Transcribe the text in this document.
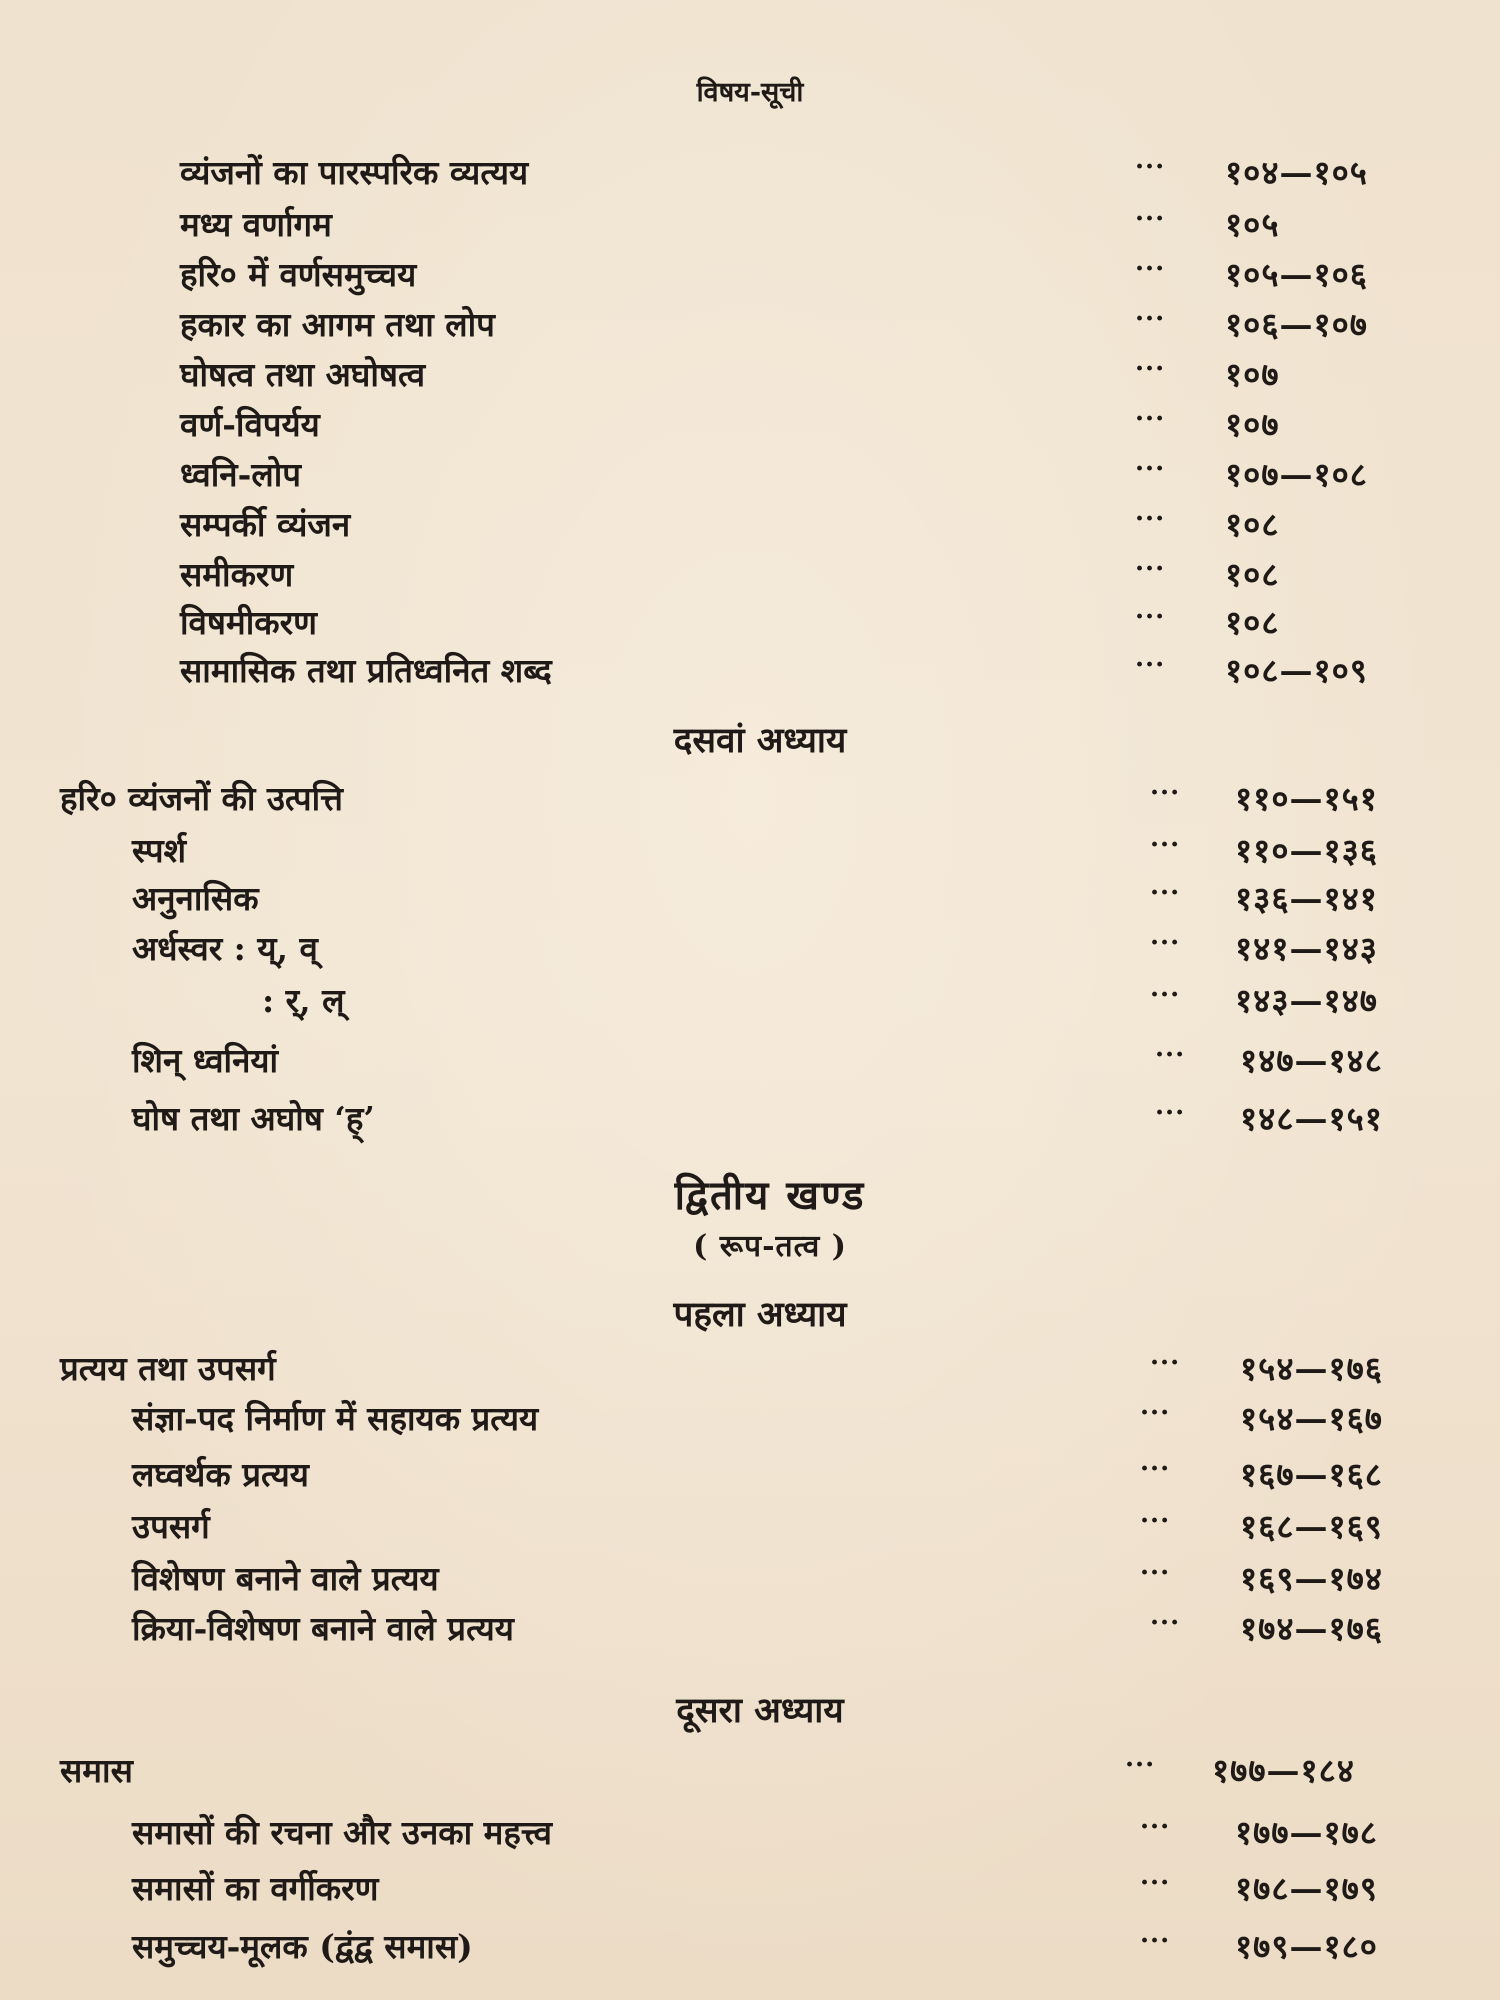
विषय-सूची
व्यंजनों का पारस्परिक व्यत्यय	··· १०४—१०५
मध्य वर्णागम	··· १०५
हरि० में वर्णसमुच्चय	··· १०५—१०६
हकार का आगम तथा लोप	··· १०६—१०७
घोषत्व तथा अघोषत्व	··· १०७
वर्ण-विपर्यय	··· १०७
ध्वनि-लोप	··· १०७—१०८
सम्पर्की व्यंजन	··· १०८
समीकरण	··· १०८
विषमीकरण	··· १०८
सामासिक तथा प्रतिध्वनित शब्द	··· १०८—१०९
दसवां अध्याय
हरि० व्यंजनों की उत्पत्ति	··· ११०—१५१
स्पर्श	··· ११०—१३६
अनुनासिक	··· १३६—१४१
अर्धस्वर : य्, व्	··· १४१—१४३
: र्, ल्	··· १४३—१४७
शिन् ध्वनियां	··· १४७—१४८
घोष तथा अघोष ‘ह्’	··· १४८—१५१
द्वितीय खण्ड
( रूप-तत्व )
पहला अध्याय
प्रत्यय तथा उपसर्ग	··· १५४—१७६
संज्ञा-पद निर्माण में सहायक प्रत्यय	··· १५४—१६७
लघ्वर्थक प्रत्यय	··· १६७—१६८
उपसर्ग	··· १६८—१६९
विशेषण बनाने वाले प्रत्यय	··· १६९—१७४
क्रिया-विशेषण बनाने वाले प्रत्यय	··· १७४—१७६
दूसरा अध्याय
समास	··· १७७—१८४
समासों की रचना और उनका महत्त्व	··· १७७—१७८
समासों का वर्गीकरण	··· १७८—१७९
समुच्चय-मूलक (द्वंद्व समास)	··· १७९—१८०
